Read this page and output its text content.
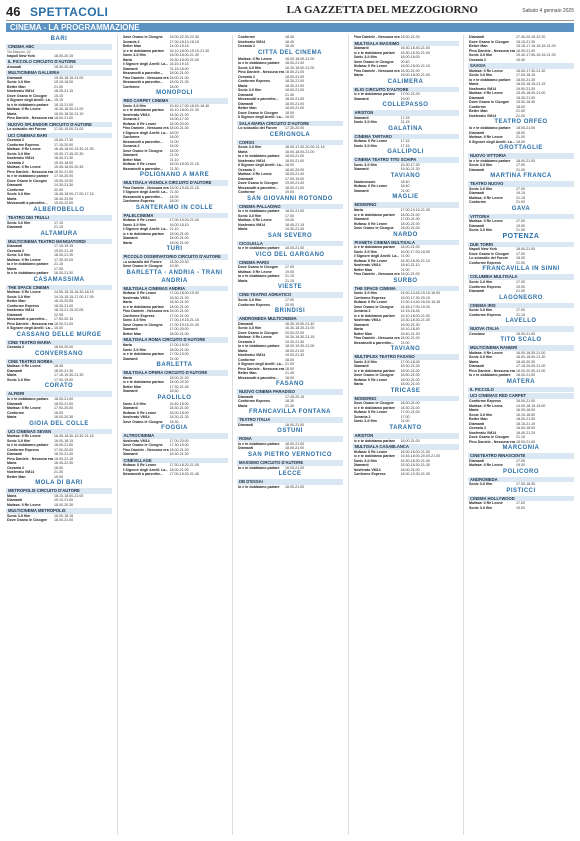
46 SPETTACOLI	LA GAZZETTA DEL MEZZOGIORNO	Sabato 4 gennaio 2025
CINEMA - LA PROGRAMMAZIONE
BARI
CINEMA ABC
Via Marconi, 42
Napoli New York	18.00-20.15
IL PICCOLO CIRCUITO D'AUTORE
Amusati	18.30-20.45
MULTICINEMA GALLERIA
Diamanti	15.40-18.15-21.00
Sonic 3-Il film	15.15-18.00
Better Man	21.00
Nosferatu VM14	18.25-21.15
Dove Osano le Cicogne	15.15
Il Signore degli Anelli: La... 15.15
Io e te dobbiamo parlare	18.15-21.00
Mufasa: Il Re Leone	16.30-18.30-21.00
Maria	16.00-18.30-21.10
Pino Daniele - Nessuna era 18.00-21.00
NUOVO SPLENDOR CIRCUITO D'AUTORE
Lo sciacallo del Furore	17.00-19.00-21.00
UCI CINEMAS BARI
Oceania 2	15.00-17.30
Conforme Express	17.15-20.00
Mufasa: Il Re Leone	16.45-18.00-19.30-21.30
Sonic 3-Il film	15.00-17.45-20.30
Nosferatu VM14	18.40-21.30
Oceania 2	15.30-18.00
Mufasa: Il Re Leone	15.45-18.00-20.45
Pino Daniele - Nessuna era 18.00-21.00
Io e te dobbiamo parlare	17.30-20.00
Dove Osano le Cicogne	15.00-19.00
Diamanti	14.30-21.30
Conforme	22.00
Sonic 3-Il film	16.45-18.00-17.00-17.15
Maria	18.40-22.00
Mezzanotti a parenthe...	15.00-22.00
ALBEROBELLO
TEATRO DEI TRULLI
Sonic 3-Il film	17.15
Diamanti	21.15
ALTAMURA
MULTICINEMA TEATRO MANGIATORDI
Diamanti	17.15-19.15
Oceania 2	19.00-21.15
Sonic 3-Il film	18.30-21.30
Mufasa: Il Re Leone	17.30-20.00
Io e te dobbiamo parlare	21.15
Maria	17.00
Io e te dobbiamo parlare	18.30-21.30
CASAMASSIMA
THE SPACE CINEMA
Mufasa: Il Re Leone	14.50-15.15-16.30-18.15
Sonic 3-Il film	14.15-15.15-17.00-17.45
Better Man	18.15-20.55
Conforme Express	18.30-21.00
Nosferatu VM14	18.15-21.15-22.05
Diamanti	22.05
Mezzanotti a parenthe...	17.50-20.15
Pino Daniele - Nessuna era 18.00-21.00
Il Signore degli Anelli: La... 15.00
CASSANO DELLE MURGE
CINE TEATRO MARIA
Oceania 2	18.00-20.00
CONVERSANO
CINE TEATRO NORBA
Mufasa: Il Re Leone	18.45
Diamanti	18.00-21.30
Maria	17.15-19.30-21.30
Sonic 3-Il film	17.00-19.00
CORATO
ALFIERI
Io e te dobbiamo parlare	18.00-21.00
Diamanti	18.00-21.00
Mufasa: Il Re Leone	17.00-20.00
Conforme	18.00
Maria	18.00-20.30
GIOIA DEL COLLE
UCI CINEMAS SEVEN
Mufasa: Il Re Leone	16.45-18.30-19.30-21.15
Sonic 3-Il film	16.00-18.15
Io e te dobbiamo parlare	18.00-21.50
Conforme Express	17.00-20.00
Diamanti	18.20-21.30
Pino Daniele - Nessuna era 18.00-21.15
Maria	16.45-22.30
Oceania 2	16.00
Nosferatu VM14	21.30
Better Man	19.00
MOLA DI BARI
METROPOLIS CIRCUITO D'AUTORE
Maria	18.10-18.00-21.00
Diamanti	19.10-21.00
Mufasa: Il Re Leone	18.00-20.30
MULTICINEMA METROPOLIS
Sonic 3-Il film	16.00-18.15
Dove Osano le Cicogne	18.00-21.00
Dove Osano le Cicogne	19.00-22.30-22.30
Oceania 2	17.00-18.10-18.15
Better Man	14.00-15.15
Io e te dobbiamo parlare	16.10-18.00-19.10-21.30
Sonic 3-Il film	16.00-18.00-21.30
Maria	16.30-18.00-21.00
Il Signore degli Anelli: La... 16.15-19.15
Diamanti	21.15-18.00
Mezzanotti a parenthe...	18.00-21.00
Pino Daniele - Nessuna era 18.00-21.00
Mezzanotti a parenthe...	18.00-21.30
Conforme	18.00
MONOPOLI
RED CARPET CINEMA
Sonic 3-Il film	15.40-17.00-18.00-18.40
Io e te dobbiamo parlare	16.10-18.00-21.30
Nosferatu VM14	18.30-21.00
Oceania 2	15.00-17.30
Mufasa: Il Re Leone	18.00-20.00
Pino Daniele - Nessuna era 18.00-21.30
Il Signore degli Anelli: La... 18.00
Conforme	18.00
Mezzanotti a parenthe...	21.00
Oceania 2	16.00
Dove Osano le Cicogne	18.00
Diamanti	21.00
Better Man	21.10
Mufasa: Il Re Leone	16.00-18.00-21.15
Mezzanotti a parenthe...	21.30
POLIGNANO A MARE
MULTISALA VIGNOLA CIRCUITO D'AUTORE
Pino Daniele - Nessuna era 18.00-19.45-21.15
Il Signore degli Anelli: La... 21.30
Mezzanotti a parenthe...	18.00
Conforme Express	18.00
SANTERAMO IN COLLE
PALELCINEMA
Mufasa: Il Re Leone	17.00-19.00-21.00
Sonic 3-Il film	16.00-18.10
Il Signore degli Anelli: La... 21.10
Io e te dobbiamo parlare	18.00-21.00
Diamanti	18.00-21.00
Maria	18.00-21.00
TURI
PICCOLO OSSERVATORIO CIRCUITO D'AUTORE
Lo sciacallo del Furore	18.30-20.30
Dove Osano le Cicogne	19.30
BARLETTA - ANDRIA - TRANI
ANDRIA
MULTISALA CINEMAS ANDRIA
Mufasa: Il Re Leone	17.00-18.00-19.30
Nosferatu VM14	18.30-21.30
Maria	18.30-21.00
Io e te dobbiamo parlare	18.00-21.00
Pino Daniele - Nessuna era 18.00-21.00
Conforme Express	17.00-21.00
Sonic 3-Il film	17.00-19.15-21.15
Dove Osano le Cicogne	17.00-19.15-21.00
Diamanti	17.00-20.00
Better Man	18.00-21.00
MULTISALA ROMA CIRCUITO D'AUTORE
Maria	17.00-19.00
Sonic 3-Il film	18.00-21.00
Io e te dobbiamo parlare	17.00-19.00
Diamanti	21.00
BARLETTA
MULTISALA OPERA CIRCUITO D'AUTORE
Maria	18.00-21.00
Io e te dobbiamo parlare	18.00-20.30
Better Man	17.30-21.45
Diamanti	18.30
PAOLILLO
Sonic 3-Il film	15.40-18.00
Diamanti	18.30-21.00
Mufasa: Il Re Leone	16.00-18.00
Nosferatu VM14	18.30-21.30
Dove Osano le Cicogne	18.30
FOGGIA
ALTROCINEMA
Nosferatu VM14	17.00-20.00
Dove Osano le Cicogne	17.30-19.00
Pino Daniele - Nessuna era 18.00-21.00
Diamanti	18.30-21.30
CINEVILLAGE
Mufasa: Il Re Leone	17.30-18.20-21.00
Il Signore degli Anelli: La... 18.00-21.00
Mezzanotti a parenthe...	17.00-19.00-21.45
Conforme	18.40
Nosferatu VM14	18.40
Oceania 2	18.40
CITTA DEL CINEMA
Mufasa: Il Re Leone	16.00-18.00-21.00
Io e te dobbiamo parlare	18.00-21.00
Sonic 3-Il film	16.30-18.00-21.00
Pino Daniele - Nessuna era 18.00-21.00
Oceania 2	18.00-21.00
Conforme Express	18.30-21.00
Maria	18.30-21.00
Sonic 3-Il film	18.00-21.00
Diamanti	21.40
Mezzanotti a parenthe...	18.00-21.00
Diamanti	18.00-21.00
Better Man	18.00-21.00
Dove Osano le Cicogne	18.00
Il Signore degli Anelli: La... 18.00
SALA MARIA CIRCUITO D'AUTORE
Lo sciacallo del Furore	17.30-20.00
CERIGNOLA
CORSO
Sonic 3-Il film	18.00-17.30-20.00-21.15
Maria	18.00-18.00-21.00
Io e te dobbiamo parlare	18.00-21.00
Nosferatu VM14	18.00-21.00
Il Signore degli Anelli: La... 18.00
Oceania 2	18.00-20.00
Mufasa: Il Re Leone	18.00-21.40
Diamanti	17.00-19.00
Dove Osano le Cicogne	19.00-21.00
Mezzanotti a parenthe...	18.00-21.00
Conforme	19.00
SAN GIOVANNI ROTONDO
CINEMA PALLADINO
Io e te dobbiamo parlare	18.00-21.00
Sonic 3-Il film	17.00
Mufasa: Il Re Leone	19.00
Nosferatu VM14	18.45-21.15
Maria	19.30-21.30
SAN SEVERO
CICOLELLA
Io e te dobbiamo parlare	18.00-21.00
VICO DEL GARGANO
CINEMA PARIS
Dove Osano le Cicogne	17.00
Mufasa: Il Re Leone	19.00
Io e te dobbiamo parlare	21.15
Maria	21.15
VIESTE
CINE-TEATRO ADRIATICO
Sonic 3-Il film	17.00
Conforme Express	20.00
BRINDISI
ANDROMEDA MULTICINEMA
Diamanti	18.30-19.00-21.40
Sonic 3-Il film	16.30-18.30-21.00
Dove Osano le Cicogne	20.00-22.00
Mufasa: Il Re Leone	16.30-19.30-21.15
Oceania 2	19.30-21.30
Io e te dobbiamo parlare	18.00-19.30-21.00
Maria	18.00-21.00
Nosferatu VM14	19.00-21.30
Conforme	18.00
Il Signore degli Anelli: La... 21.00
Pino Daniele - Nessuna era 18.00
Better Man	21.45
Mezzanotti a parenthe...	18.00
FASANO
NUOVO CINEMA PARADISO
Diamanti	17.45-20.15
Conforme Express	18.30
Maria	21.30
FRANCAVILLA FONTANA
TEATRO ITALIA
Diamanti	18.00-21.00
OSTUNI
ROMA
Io e te dobbiamo parlare	18.00-21.00
Diamanti	18.00-21.00
SAN PIETRO VERNOTICO
MASSIMO CIRCUITO D'AUTORE
Io e te dobbiamo parlare	18.00-21.00
LECCE
DB D'ESSAI
Io e te dobbiamo parlare	18.00-21.00
Pino Daniele - Nessuna era 18.00-21.00
MULTISALA MASSIMO
Diamanti	16.30-18.40-21.00
Io e te dobbiamo parlare	16.30-18.30-21.00
Sonic 3-Il film	16.00-18.00
Dove Osano le Cicogne	20.40
Mufasa: Il Re Leone	16.00-18.00-21.15
Pino Daniele - Nessuna era 18.30-21.00
Maria	16.00-18.00-21.00
CALIMERA
ELIO CIRCUITO D'AUTORE
Io e te dobbiamo parlare	17.00-21.00
Diamanti	19.00
COLLEPASSO
ARISTON
Diamanti	17.15
Sonic 3-Il film	21.15
GALATINA
CINEMA TARTARO
Mufasa: Il Re Leone	17.15
Sonic 3-Il film	17.15
GALLIPOLI
CINEMA TEATRO TITO SCHIPA
Sonic 3-Il film	15.30-17.30
Diamanti	19.30-21.30
TAVIANO
Salutoorsuio	18.40
Mufasa: Il Re Leone	18.40
Diamanti	21.00
MAGLIE
MODERNO
Maria	17.00-19.15-21.30
Io e te dobbiamo parlare	18.00-21.00
Diamanti	17.00-21.30
Mufasa: Il Re Leone	18.00-21.00
Dove Osano le Cicogne	18.00-21.00
NARDO
PIANETA CINEMA MULTISALA
Io e te dobbiamo parlare	18.00-21.00
Sonic 3-Il film	16.00-17.00-18.00
Il Signore degli Anelli: La... 21.00
Mufasa: Il Re Leone	16.30-18.30-21.10
Nosferatu VM14	18.40-21.10
Better Man	21.00
Pino Daniele - Nessuna era 18.00-21.00
SURBO
THE SPACE CINEMA
Sonic 3-Il film	14.00-14.45-15.15-16.00
Conforme Express	15.00-17.30-20.15
Mufasa: Il Re Leone	13.30-14.40-16.00-16.45
Dove Osano le Cicogne	14.45-17.00-19.30
Oceania 2	14.15-16.45
Io e te dobbiamo parlare	15.10-18.00-21.00
Nosferatu VM14	15.30-18.30-21.30
Diamanti	16.00-21.30
Maria	16.10-18.40
Better Man	18.40-21.30
Pino Daniele - Nessuna era 18.00-21.00
Mezzanotti a parenthe...	21.00
TAVIANO
MULTIPLEX TEATRO FASANO
Sonic 3-Il film	17.00-18.45
Diamanti	18.30-21.00
Io e te dobbiamo parlare	18.00-21.00
Dove Osano le Cicogne	18.50-21.00
Mufasa: Il Re Leone	18.00-21.00
Maria	18.00-21.00
TRICASE
MODERNO
Dove Osano le Cicogne	18.00-21.00
Io e te dobbiamo parlare	18.30-21.00
Mufasa: Il Re Leone	17.00-21.00
Oceania 2	17.00
Sonic 3-Il film	21.00
TARANTO
ARISTON
Io e te dobbiamo parlare	18.00-21.00
MULTISALA CASABLANCA
Mufasa: Il Re Leone	16.00-18.00-21.00
Io e te dobbiamo parlare	15.45-18.00-20.00-21.00
Sonic 3-Il film	16.30-18.30-21.00
Diamanti	15.30-18.30-21.30
Nosferatu VM14	18.00-21.00
Conforme Express	16.00-19.30-21.30
Diamanti	17.40-20.10-22.20
Dove Osano le Cicogne	15.15-21.30
Better Man	15.15-17.15-18.15-21.00
Pino Daniele - Nessuna era 18.00-21.00
Sonic 3-Il film	15.40-17.50-18.15-21.00
Oceania 2	15.40
SAVOIA
Mufasa: Il Re Leone	16.00-17.30-21.30
Sonic 3-Il film	17.00-18.15
Io e te dobbiamo parlare	18.00-21.30
Maria	18.00-18.15-21.15
Nosferatu VM14	19.00-21.30
Mufasa: Il Re Leone	15.45-18.00-21.00
Diamanti	18.30-21.00
Dove Osano le Cicogne	15.00-18.30
Conforme	18.00
Better Man	21.00
Nosferatu VM14	21.00
TEATRO ORFEO
Io e te dobbiamo parlare	18.00-21.00
Diamanti	18.00
Mufasa: Il Re Leone	21.00
Il Signore degli Anelli: La... 18.00
GROTTAGLIE
NUOVO VITTORIA
Io e te dobbiamo parlare	18.00-21.00
Sonic 3-Il film	17.00
Diamanti	21.00
MARTINA FRANCA
TEATRO NUOVO
Sonic 3-Il film	17.00
Diamanti	19.15
Mufasa: Il Re Leone	21.15
Conforme	21.00
GAVA
VITTORIA
Mufasa: Il Re Leone	17.00
Diamanti	19.00
Sonic 3-Il film	21.00
POTENZA
DUE TORRI
Napoli New York	18.00-21.00
Dove Osano le Cicogne	17.00
Lo sciacallo del Furore	18.00
Conforme Express	21.00
FRANCAVILLA IN SINNI
COLUMBIA MULTISALA
Sonic 3-Il film	17.00
Conforme Express	19.00
Diamanti	21.00
LAGONEGRO
CINEMA IRIS
Sonic 3-Il film	17.00
Conforme Express	21.15
LAVELLO
NUOVA ITALIA
Conclave	18.00-21.00
TITO SCALO
MULTICINEMA RANIERI
Mufasa: Il Re Leone	16.00-18.30-21.00
Sonic 3-Il film	16.00-18.00-21.30
Maria	18.40-20.30
Diamanti	17.15-20.00-21.00
Pino Daniele - Nessuna era 18.00-20.30-21.00
Io e te dobbiamo parlare	18.00-21.00
MATERA
IL PICCOLO
UCI CINEMAS RED CARPET
Conforme Express	16.00-21.00
Mufasa: Il Re Leone	14.00-18.15-19.00
Maria	16.00-18.00
Sonic 3-Il film	16.10-18.50
Better Man	18.00-21.50
Diamanti	18.15-21.10
Oceania 2	16.00-18.00
Nosferatu VM14	18.40-21.20
Dove Osano le Cicogne	21.15
Pino Daniele - Nessuna era 18.00-21.00
MARCONIA
CINETEATRO RINASCENTE
Diamanti	17.00
Mufasa: Il Re Leone	19.00
POLICORO
ANDROMEDA
Sonic 3-Il film	17.00-18.30
PISTICCI
CINEMA HOLLYWOOD
Mufasa: Il Re Leone	17.00
Sonic 3-Il film	19.00
